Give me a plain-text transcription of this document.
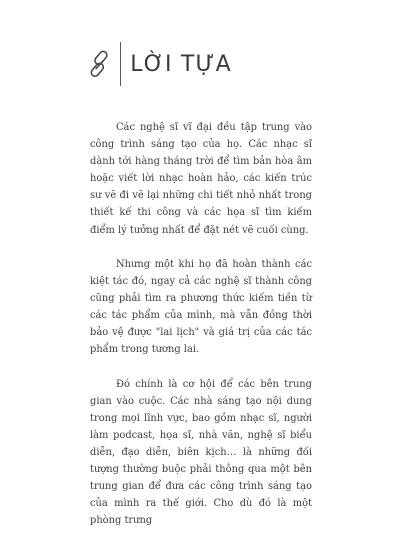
LỜI TỰA

Các nghệ sĩ vĩ đại đều tập trung vào công trình sáng tạo của họ. Các nhạc sĩ dành tới hàng tháng trời để tìm bản hòa âm hoặc viết lời nhạc hoàn hảo, các kiến trúc sư vẽ đi vẽ lại những chi tiết nhỏ nhất trong thiết kế thi công và các họa sĩ tìm kiếm điểm lý tưởng nhất để đặt nét vẽ cuối cùng.

Nhưng một khi họ đã hoàn thành các kiệt tác đó, ngay cả các nghệ sĩ thành công cũng phải tìm ra phương thức kiếm tiền từ các tác phẩm của mình, mà vẫn đồng thời bảo vệ được "lai lịch" và giá trị của các tác phẩm trong tương lai.

Đó chính là cơ hội để các bên trung gian vào cuộc. Các nhà sáng tạo nội dung trong mọi lĩnh vực, bao gồm nhạc sĩ, người làm podcast, họa sĩ, nhà văn, nghệ sĩ biểu diễn, đạo diễn, biên kịch… là những đối tượng thường buộc phải thông qua một bên trung gian để đưa các công trình sáng tạo của mình ra thế giới. Cho dù đó là một phòng trưng
